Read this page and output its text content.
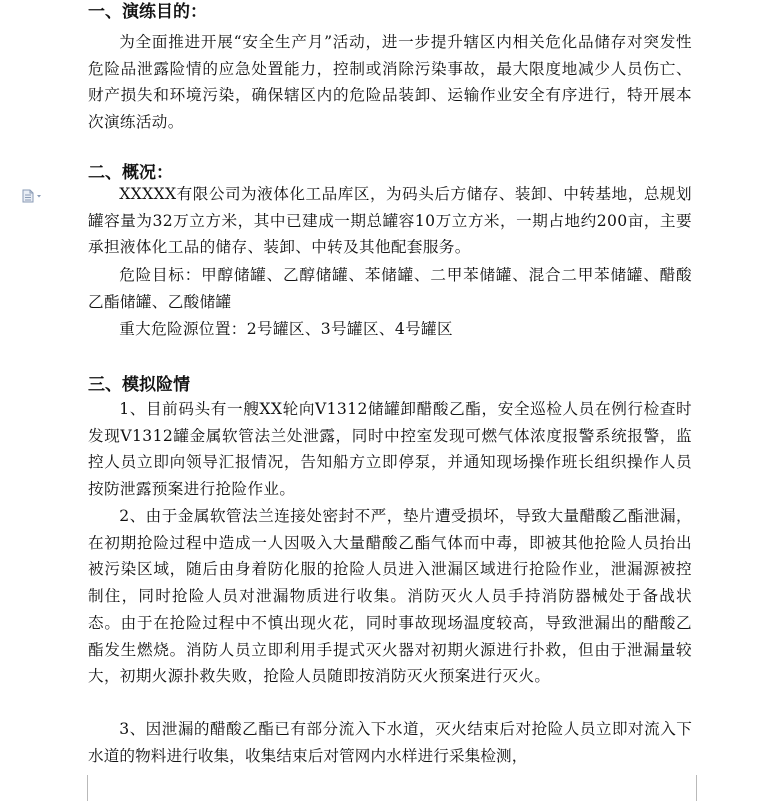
一、演练目的：

为全面推进开展“安全生产月”活动，进一步提升辖区内相关危化品储存对突发性危险品泄露险情的应急处置能力，控制或消除污染事故，最大限度地减少人员伤亡、财产损失和环境污染，确保辖区内的危险品装卸、运输作业安全有序进行，特开展本次演练活动。

二、概况：

XXXXX有限公司为液体化工品库区，为码头后方储存、装卸、中转基地，总规划罐容量为32万立方米，其中已建成一期总罐容10万立方米，一期占地约200亩，主要承担液体化工品的储存、装卸、中转及其他配套服务。

危险目标：甲醇储罐、乙醇储罐、苯储罐、二甲苯储罐、混合二甲苯储罐、醋酸乙酯储罐、乙酸储罐

重大危险源位置：2号罐区、3号罐区、4号罐区

三、模拟险情

1、目前码头有一艘XX轮向V1312储罐卸醋酸乙酯，安全巡检人员在例行检查时发现V1312罐金属软管法兰处泄露，同时中控室发现可燃气体浓度报警系统报警，监控人员立即向领导汇报情况，告知船方立即停泵，并通知现场操作班长组织操作人员按防泄露预案进行抢险作业。

2、由于金属软管法兰连接处密封不严，垫片遭受损坏，导致大量醋酸乙酯泄漏，在初期抢险过程中造成一人因吸入大量醋酸乙酯气体而中毒，即被其他抢险人员抬出被污染区域，随后由身着防化服的抢险人员进入泄漏区域进行抢险作业，泄漏源被控制住，同时抢险人员对泄漏物质进行收集。消防灭火人员手持消防器械处于备战状态。由于在抢险过程中不慎出现火花，同时事故现场温度较高，导致泄漏出的醋酸乙酯发生燃烧。消防人员立即利用手提式灭火器对初期火源进行扑救，但由于泄漏量较大，初期火源扑救失败，抢险人员随即按消防灭火预案进行灭火。

3、因泄漏的醋酸乙酯已有部分流入下水道，灭火结束后对抢险人员立即对流入下水道的物料进行收集，收集结束后对管网内水样进行采集检测，
